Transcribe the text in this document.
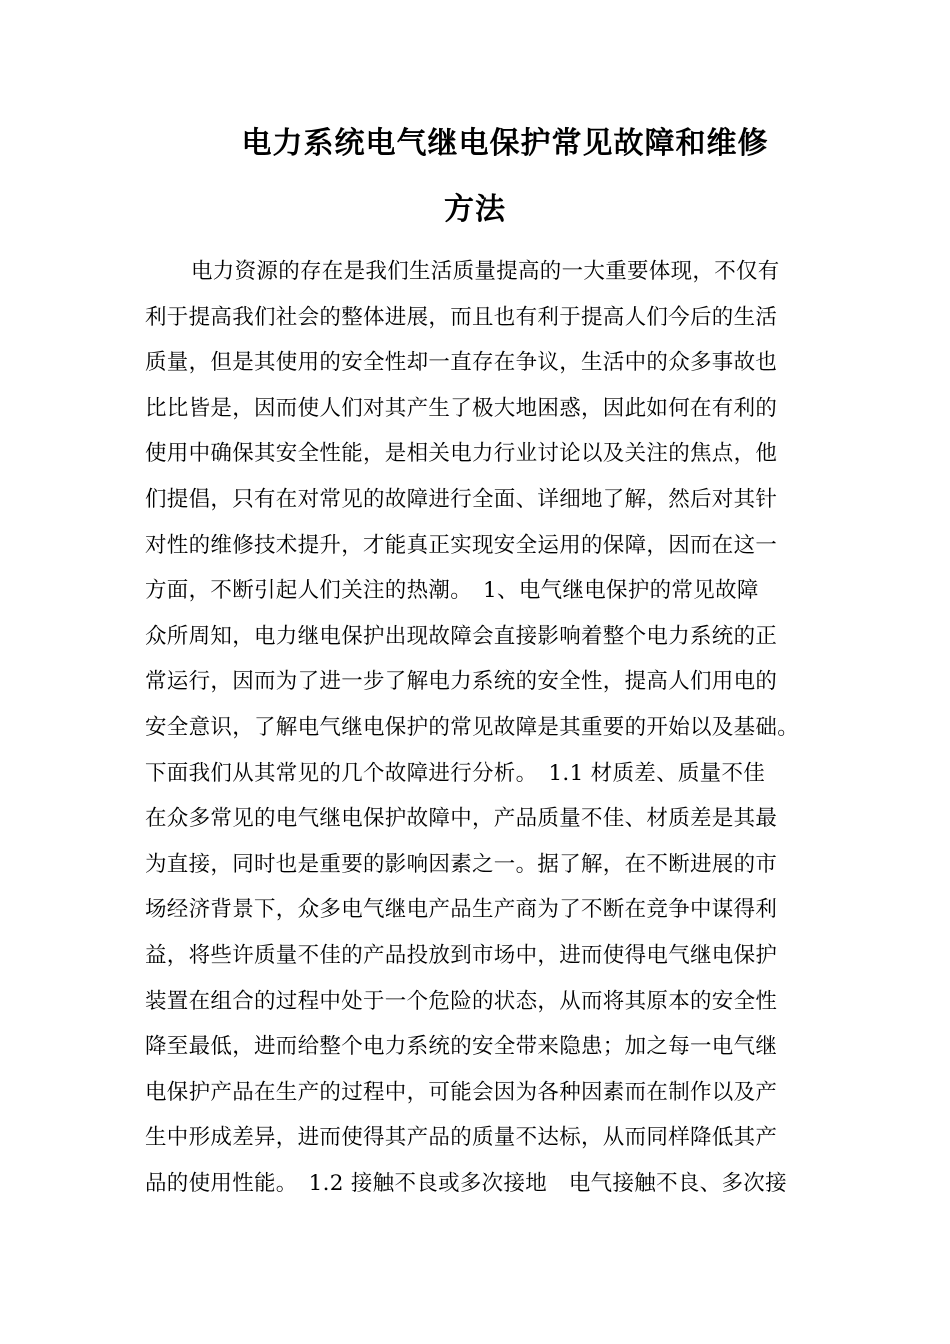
电力系统电气继电保护常见故障和维修
方法
电力资源的存在是我们生活质量提高的一大重要体现，不仅有
利于提高我们社会的整体进展，而且也有利于提高人们今后的生活
质量，但是其使用的安全性却一直存在争议，生活中的众多事故也
比比皆是，因而使人们对其产生了极大地困惑，因此如何在有利的
使用中确保其安全性能，是相关电力行业讨论以及关注的焦点，他
们提倡，只有在对常见的故障进行全面、详细地了解，然后对其针
对性的维修技术提升，才能真正实现安全运用的保障，因而在这一
方面，不断引起人们关注的热潮。　1、电气继电保护的常见故障
众所周知，电力继电保护出现故障会直接影响着整个电力系统的正
常运行，因而为了进一步了解电力系统的安全性，提高人们用电的
安全意识，了解电气继电保护的常见故障是其重要的开始以及基础。
下面我们从其常见的几个故障进行分析。　1.1 材质差、质量不佳
在众多常见的电气继电保护故障中，产品质量不佳、材质差是其最
为直接，同时也是重要的影响因素之一。据了解，在不断进展的市
场经济背景下，众多电气继电产品生产商为了不断在竞争中谋得利
益，将些许质量不佳的产品投放到市场中，进而使得电气继电保护
装置在组合的过程中处于一个危险的状态，从而将其原本的安全性
降至最低，进而给整个电力系统的安全带来隐患；加之每一电气继
电保护产品在生产的过程中，可能会因为各种因素而在制作以及产
生中形成差异，进而使得其产品的质量不达标，从而同样降低其产
品的使用性能。　1.2 接触不良或多次接地　电气接触不良、多次接
